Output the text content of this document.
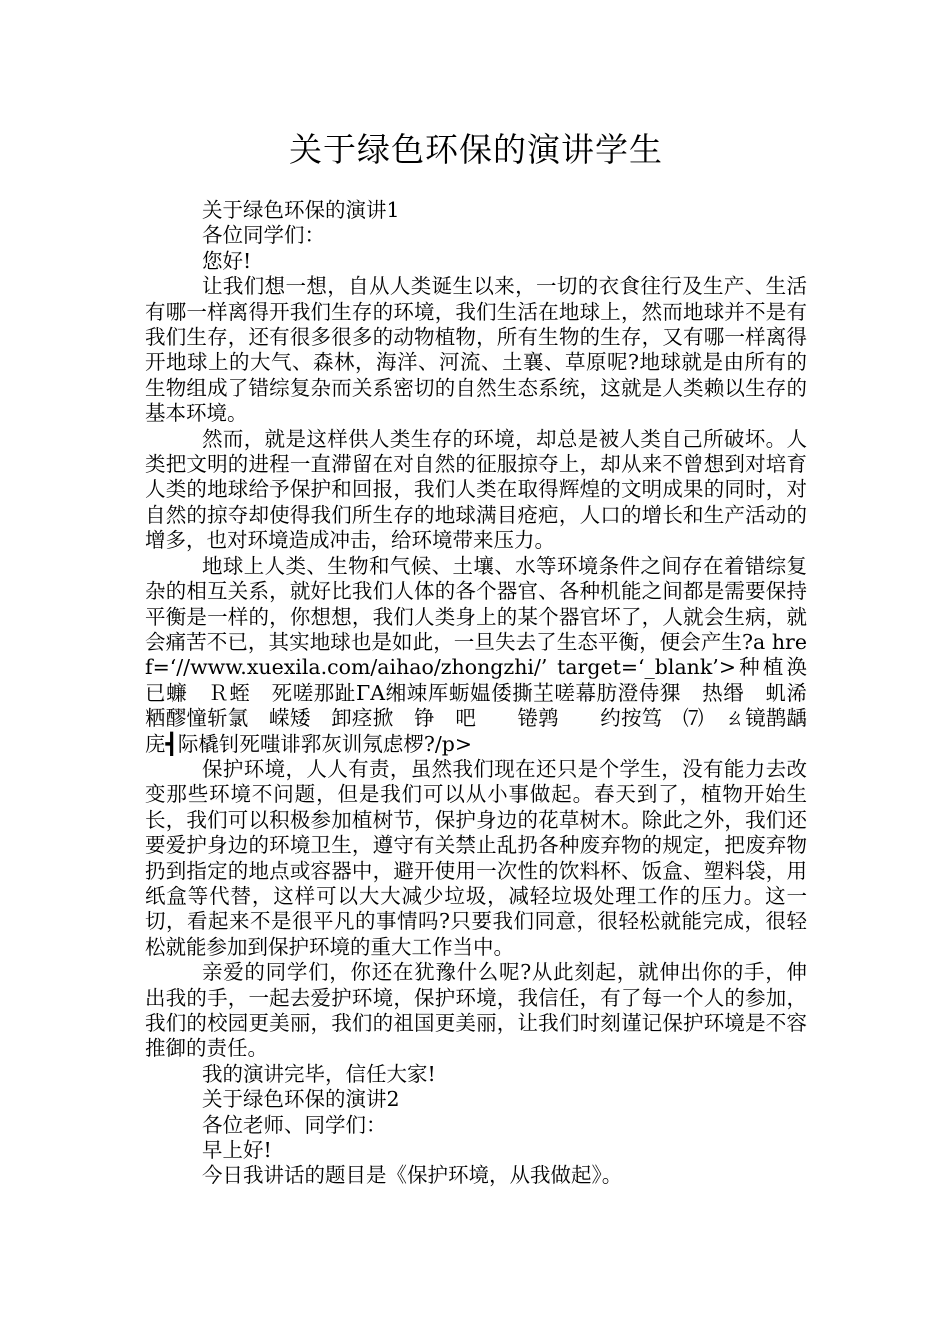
关于绿色环保的演讲学生

关于绿色环保的演讲1

各位同学们：

您好!

让我们想一想，自从人类诞生以来，一切的衣食往行及生产、生活有哪一样离得开我们生存的环境，我们生活在地球上，然而地球并不是有我们生存，还有很多很多的动物植物，所有生物的生存，又有哪一样离得开地球上的大气、森林，海洋、河流、土襄、草原呢?地球就是由所有的生物组成了错综复杂而关系密切的自然生态系统，这就是人类赖以生存的基本环境。

然而，就是这样供人类生存的环境，却总是被人类自己所破坏。人类把文明的进程一直滞留在对自然的征服掠夺上，却从来不曾想到对培育人类的地球给予保护和回报，我们人类在取得辉煌的文明成果的同时，对自然的掠夺却使得我们所生存的地球满目疮疤，人口的增长和生产活动的增多，也对环境造成冲击，给环境带来压力。

地球上人类、生物和气候、土壤、水等环境条件之间存在着错综复杂的相互关系，就好比我们人体的各个器官、各种机能之间都是需要保持平衡是一样的，你想想，我们人类身上的某个器官坏了，人就会生病，就会痛苦不已，其实地球也是如此，一旦失去了生态平衡，便会产生?a href=‘//www.xuexila.com/aihao/zhongzhi/’ target=‘_blank’>种植涣已蠊　Ｒ蛭　死嗟那趾ΓΑ缃竦厍蛎媪倭撕芏嗟幕肪澄侍猓　热缗　虮浠　　粞醪憧斩氯　嵘矮　卸痉掀　铮　吧　　锩鹑　　约按笃　⑺　ㄠ镜鹊龋　庑┫际橇钊死嗤诽郛灰训氖虑椤?/p>

保护环境，人人有责，虽然我们现在还只是个学生，没有能力去改变那些环境不问题，但是我们可以从小事做起。春天到了，植物开始生长，我们可以积极参加植树节，保护身边的花草树木。除此之外，我们还要爱护身边的环境卫生，遵守有关禁止乱扔各种废弃物的规定，把废弃物扔到指定的地点或容器中，避开使用一次性的饮料杯、饭盒、塑料袋，用纸盒等代替，这样可以大大减少垃圾，减轻垃圾处理工作的压力。这一切，看起来不是很平凡的事情吗?只要我们同意，很轻松就能完成，很轻松就能参加到保护环境的重大工作当中。

亲爱的同学们，你还在犹豫什么呢?从此刻起，就伸出你的手，伸出我的手，一起去爱护环境，保护环境，我信任，有了每一个人的参加，我们的校园更美丽，我们的祖国更美丽，让我们时刻谨记保护环境是不容推御的责任。

我的演讲完毕，信任大家!

关于绿色环保的演讲2

各位老师、同学们：

早上好!

今日我讲话的题目是《保护环境，从我做起》。
